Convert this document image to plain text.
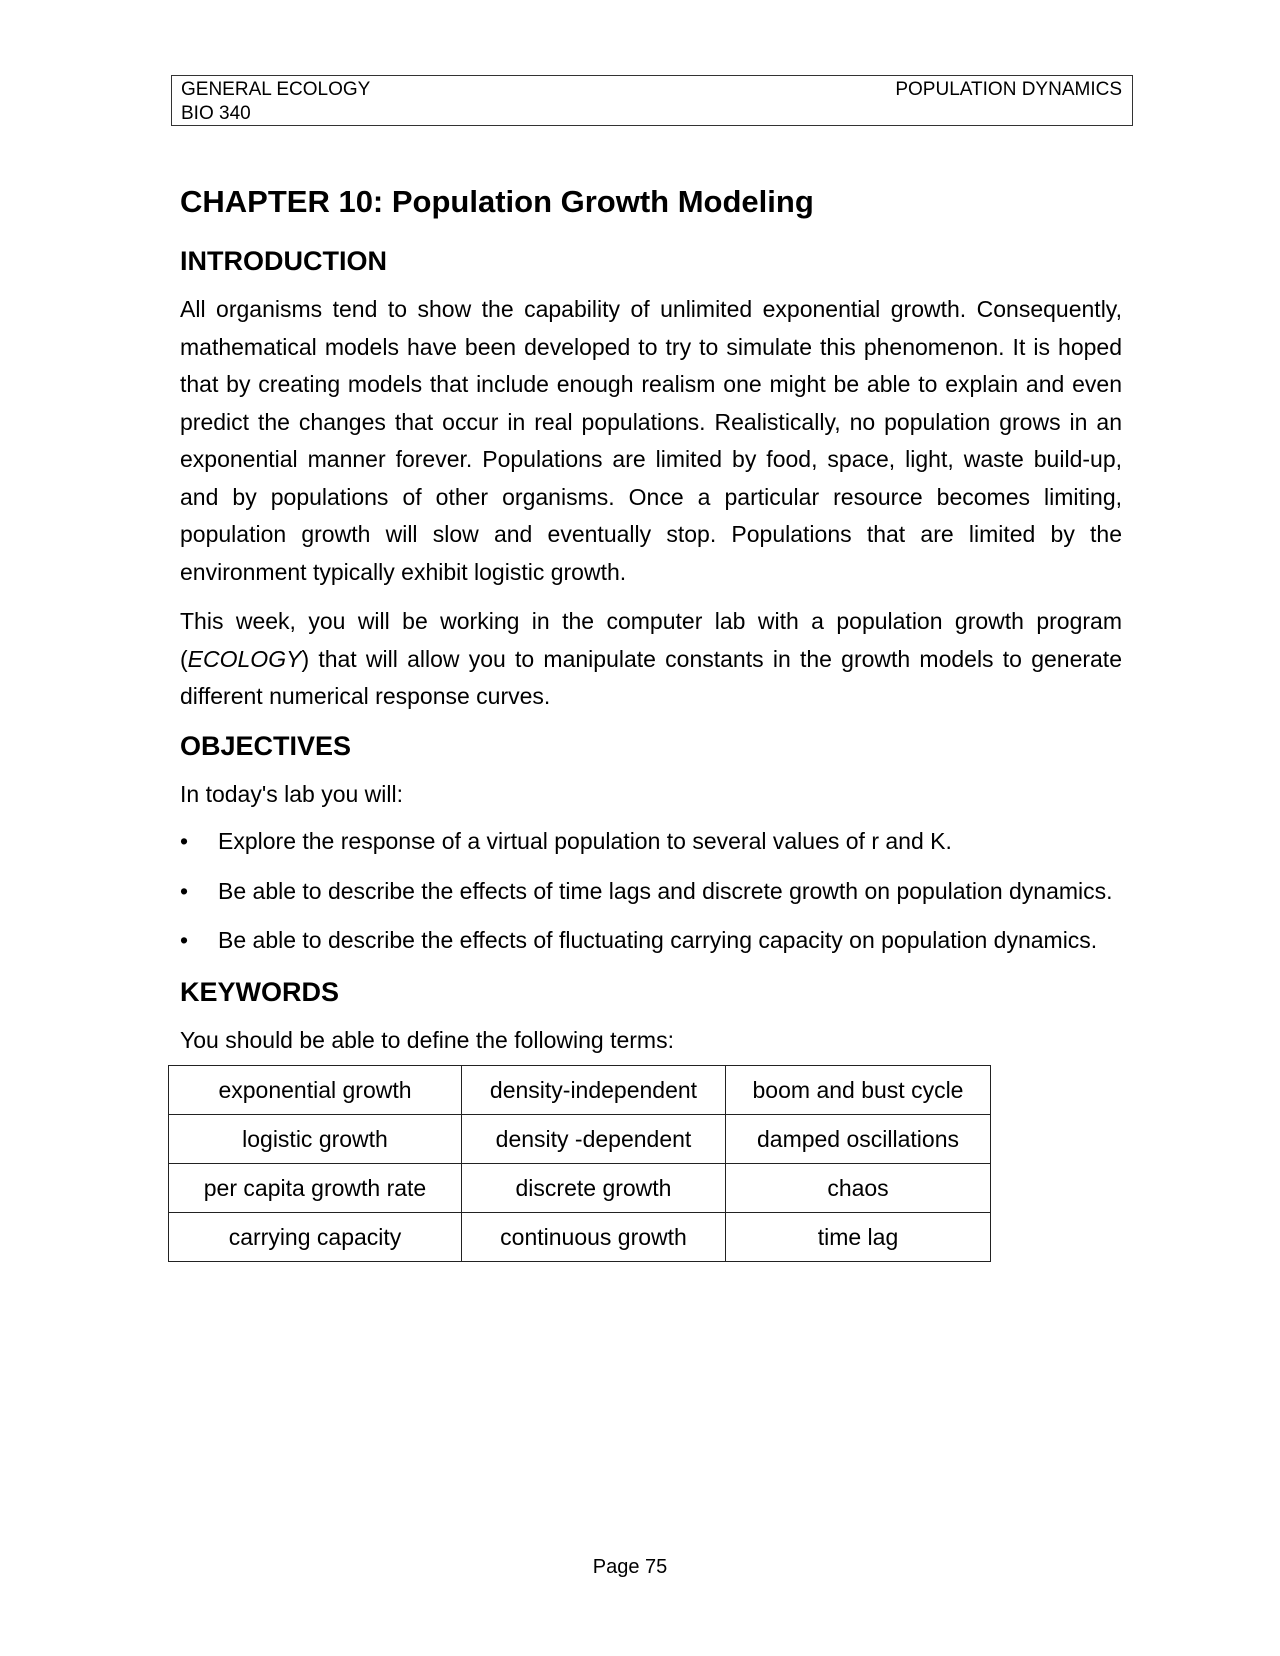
GENERAL ECOLOGY	POPULATION DYNAMICS
BIO 340
CHAPTER 10: Population Growth Modeling
INTRODUCTION

All organisms tend to show the capability of unlimited exponential growth. Consequently, mathematical models have been developed to try to simulate this phenomenon. It is hoped that by creating models that include enough realism one might be able to explain and even predict the changes that occur in real populations. Realistically, no population grows in an exponential manner forever. Populations are limited by food, space, light, waste build-up, and by populations of other organisms. Once a particular resource becomes limiting, population growth will slow and eventually stop. Populations that are limited by the environment typically exhibit logistic growth.

This week, you will be working in the computer lab with a population growth program (ECOLOGY) that will allow you to manipulate constants in the growth models to generate different numerical response curves.

OBJECTIVES

In today's lab you will:

• Explore the response of a virtual population to several values of r and K.
• Be able to describe the effects of time lags and discrete growth on population dynamics.
• Be able to describe the effects of fluctuating carrying capacity on population dynamics.
KEYWORDS

You should be able to define the following terms:

exponential growth	density-independent	boom and bust cycle
logistic growth	density -dependent	damped oscillations
per capita growth rate	discrete growth	chaos
carrying capacity	continuous growth	time lag
Page 75
